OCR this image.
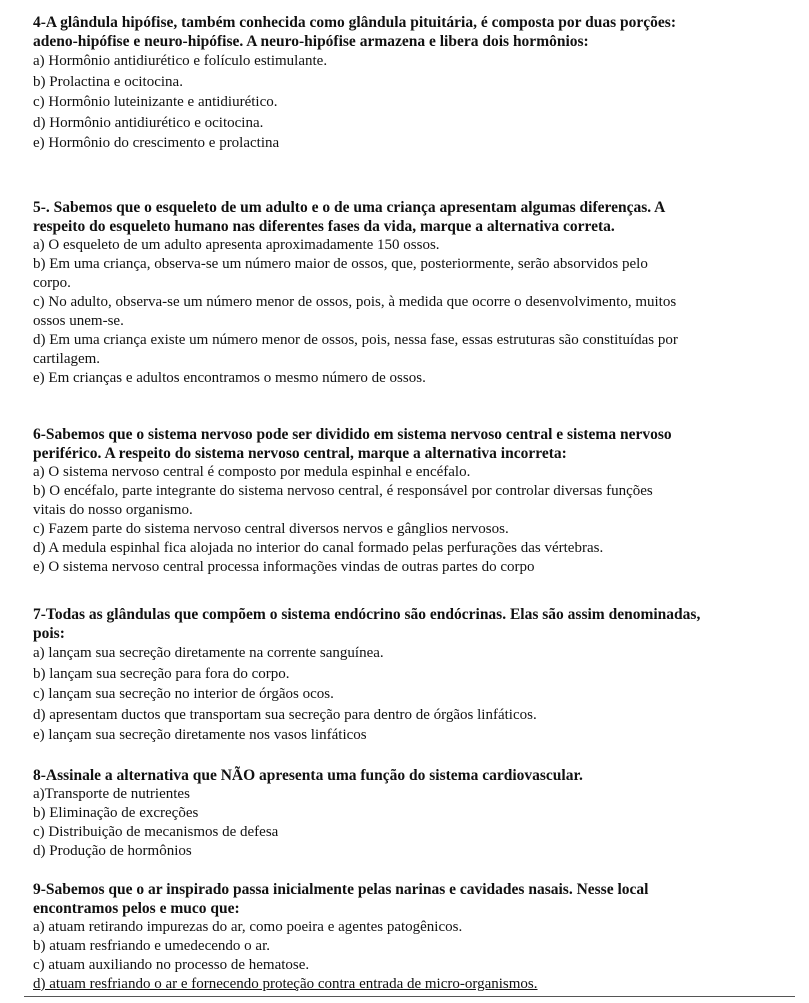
4-A glândula hipófise, também conhecida como glândula pituitária, é composta por duas porções:

adeno-hipófise e neuro-hipófise. A neuro-hipófise armazena e libera dois hormônios:

a) Hormônio antidiurético e folículo estimulante.

b) Prolactina e ocitocina.

c) Hormônio luteinizante e antidiurético.

d) Hormônio antidiurético e ocitocina.

e) Hormônio do crescimento e prolactina

5-. Sabemos que o esqueleto de um adulto e o de uma criança apresentam algumas diferenças. A

respeito do esqueleto humano nas diferentes fases da vida, marque a alternativa correta.

a) O esqueleto de um adulto apresenta aproximadamente 150 ossos.

b) Em uma criança, observa-se um número maior de ossos, que, posteriormente, serão absorvidos pelo

corpo.

c) No adulto, observa-se um número menor de ossos, pois, à medida que ocorre o desenvolvimento, muitos

ossos unem-se.

d) Em uma criança existe um número menor de ossos, pois, nessa fase, essas estruturas são constituídas por

cartilagem.

e) Em crianças e adultos encontramos o mesmo número de ossos.

6-Sabemos que o sistema nervoso pode ser dividido em sistema nervoso central e sistema nervoso

periférico. A respeito do sistema nervoso central, marque a alternativa incorreta:

a) O sistema nervoso central é composto por medula espinhal e encéfalo.

b) O encéfalo, parte integrante do sistema nervoso central, é responsável por controlar diversas funções

vitais do nosso organismo.

c) Fazem parte do sistema nervoso central diversos nervos e gânglios nervosos.

d) A medula espinhal fica alojada no interior do canal formado pelas perfurações das vértebras.

e) O sistema nervoso central processa informações vindas de outras partes do corpo

7-Todas as glândulas que compõem o sistema endócrino são endócrinas. Elas são assim denominadas,

pois:

a) lançam sua secreção diretamente na corrente sanguínea.

b) lançam sua secreção para fora do corpo.

c) lançam sua secreção no interior de órgãos ocos.

d) apresentam ductos que transportam sua secreção para dentro de órgãos linfáticos.

e) lançam sua secreção diretamente nos vasos linfáticos

8-Assinale a alternativa que NÃO apresenta uma função do sistema cardiovascular.

a)Transporte de nutrientes

b) Eliminação de excreções

c) Distribuição de mecanismos de defesa

d) Produção de hormônios

9-Sabemos que o ar inspirado passa inicialmente pelas narinas e cavidades nasais. Nesse local

encontramos pelos e muco que:

a) atuam retirando impurezas do ar, como poeira e agentes patogênicos.

b) atuam resfriando e umedecendo o ar.

c) atuam auxiliando no processo de hematose.

d) atuam resfriando o ar e fornecendo proteção contra entrada de micro-organismos.
